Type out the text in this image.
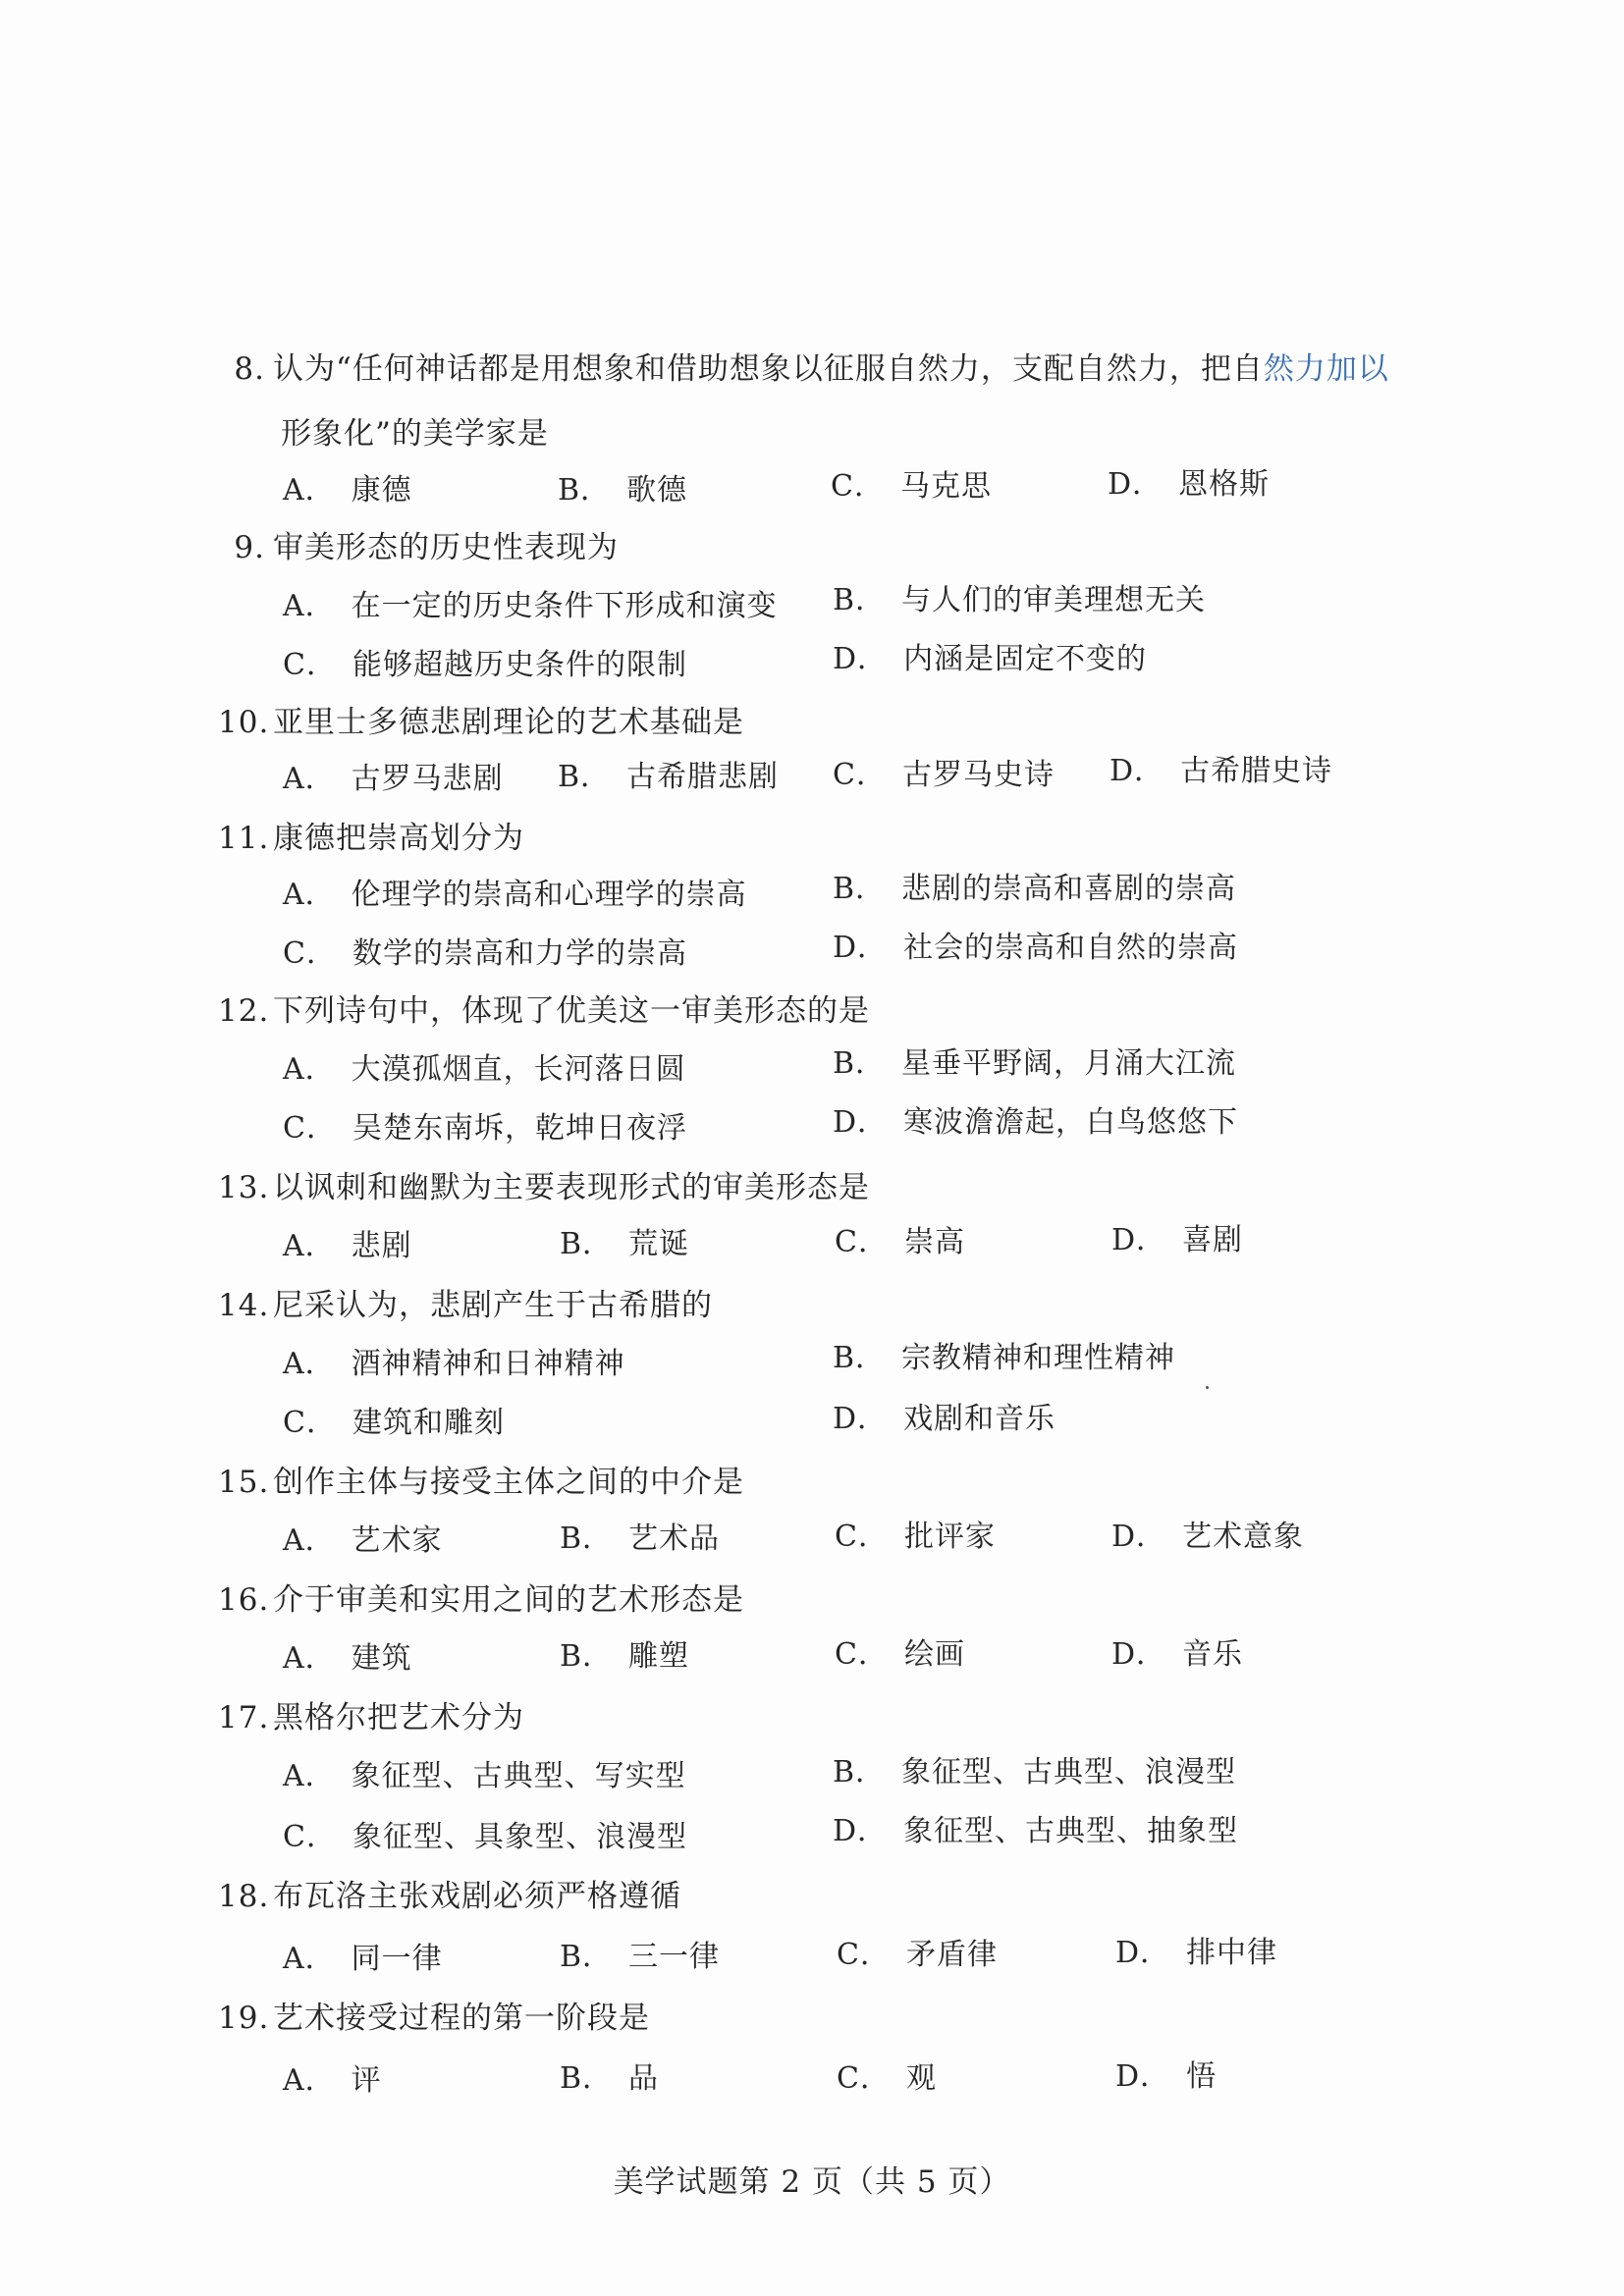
8. 认为“任何神话都是用想象和借助想象以征服自然力，支配自然力，把自然力加以
形象化”的美学家是
A． 康德	B． 歌德	C． 马克思	D． 恩格斯
9. 审美形态的历史性表现为
A． 在一定的历史条件下形成和演变 B． 与人们的审美理想无关
C． 能够超越历史条件的限制	D． 内涵是固定不变的
10. 亚里士多德悲剧理论的艺术基础是
A． 古罗马悲剧 B． 古希腊悲剧 C． 古罗马史诗 D． 古希腊史诗
11. 康德把崇高划分为
A． 伦理学的崇高和心理学的崇高	B． 悲剧的崇高和喜剧的崇高
C． 数学的崇高和力学的崇高	D． 社会的崇高和自然的崇高
12. 下列诗句中，体现了优美这一审美形态的是
A． 大漠孤烟直，长河落日圆	B． 星垂平野阔，月涌大江流
C． 吴楚东南坼，乾坤日夜浮	D． 寒波澹澹起，白鸟悠悠下
13. 以讽刺和幽默为主要表现形式的审美形态是
A． 悲剧	B． 荒诞	C． 崇高	D． 喜剧
14. 尼采认为，悲剧产生于古希腊的
A． 酒神精神和日神精神	B． 宗教精神和理性精神
C． 建筑和雕刻	D． 戏剧和音乐
15. 创作主体与接受主体之间的中介是
A． 艺术家	B． 艺术品	C． 批评家	D． 艺术意象
16. 介于审美和实用之间的艺术形态是
A． 建筑	B． 雕塑	C． 绘画	D． 音乐
17. 黑格尔把艺术分为
A． 象征型、古典型、写实型	B． 象征型、古典型、浪漫型
C． 象征型、具象型、浪漫型	D． 象征型、古典型、抽象型
18. 布瓦洛主张戏剧必须严格遵循
A． 同一律	B． 三一律	C． 矛盾律	D． 排中律
19. 艺术接受过程的第一阶段是
A． 评	B． 品	C． 观	D． 悟
美学试题第 2 页（共 5 页）
